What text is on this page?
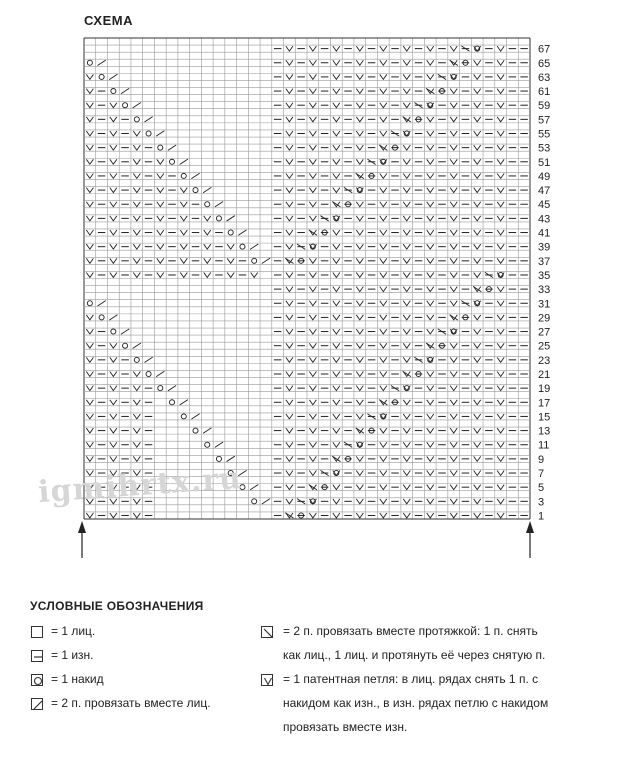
СХЕМА
1
3
5
7
9
11
13
15
17
19
21
23
25
27
29
31
33
35
37
39
41
43
45
47
49
51
53
55
57
59
61
63
65
67
igmihrtx.ru
УСЛОВНЫЕ ОБОЗНАЧЕНИЯ
= 1 лиц.
= 1 изн.
= 1 накид
= 2 п. провязать вместе лиц.
= 2 п. провязать вместе протяжкой: 1 п. снять
как лиц., 1 лиц. и протянуть её через снятую п.
= 1 патентная петля: в лиц. рядах снять 1 п. с
накидом как изн., в изн. рядах петлю с накидом
провязать вместе изн.
